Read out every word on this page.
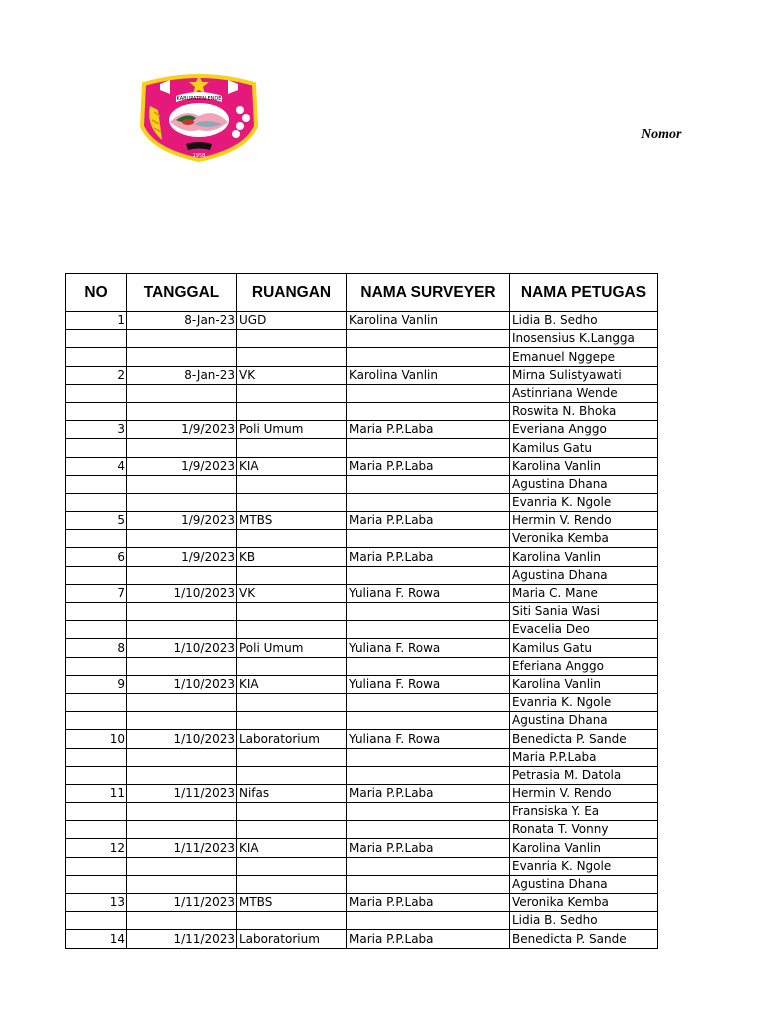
KABUPATEN ENDE
1958
Nomor
NO	TANGGAL	RUANGAN	NAMA SURVEYER	NAMA PETUGAS
1	8-Jan-23	UGD	Karolina Vanlin	Lidia B. Sedho
				Inosensius K.Langga
				Emanuel Nggepe
2	8-Jan-23	VK	Karolina Vanlin	Mirna Sulistyawati
				Astinriana Wende
				Roswita N. Bhoka
3	1/9/2023	Poli Umum	Maria P.P.Laba	Everiana Anggo
				Kamilus Gatu
4	1/9/2023	KIA	Maria P.P.Laba	Karolina Vanlin
				Agustina Dhana
				Evanria K. Ngole
5	1/9/2023	MTBS	Maria P.P.Laba	Hermin V. Rendo
				Veronika Kemba
6	1/9/2023	KB	Maria P.P.Laba	Karolina Vanlin
				Agustina Dhana
7	1/10/2023	VK	Yuliana F. Rowa	Maria C. Mane
				Siti Sania Wasi
				Evacelia Deo
8	1/10/2023	Poli Umum	Yuliana F. Rowa	Kamilus Gatu
				Eferiana Anggo
9	1/10/2023	KIA	Yuliana F. Rowa	Karolina Vanlin
				Evanria K. Ngole
				Agustina Dhana
10	1/10/2023	Laboratorium	Yuliana F. Rowa	Benedicta P. Sande
				Maria P.P.Laba
				Petrasia M. Datola
11	1/11/2023	Nifas	Maria P.P.Laba	Hermin V. Rendo
				Fransiska Y. Ea
				Ronata T. Vonny
12	1/11/2023	KIA	Maria P.P.Laba	Karolina Vanlin
				Evanria K. Ngole
				Agustina Dhana
13	1/11/2023	MTBS	Maria P.P.Laba	Veronika Kemba
				Lidia B. Sedho
14	1/11/2023	Laboratorium	Maria P.P.Laba	Benedicta P. Sande
